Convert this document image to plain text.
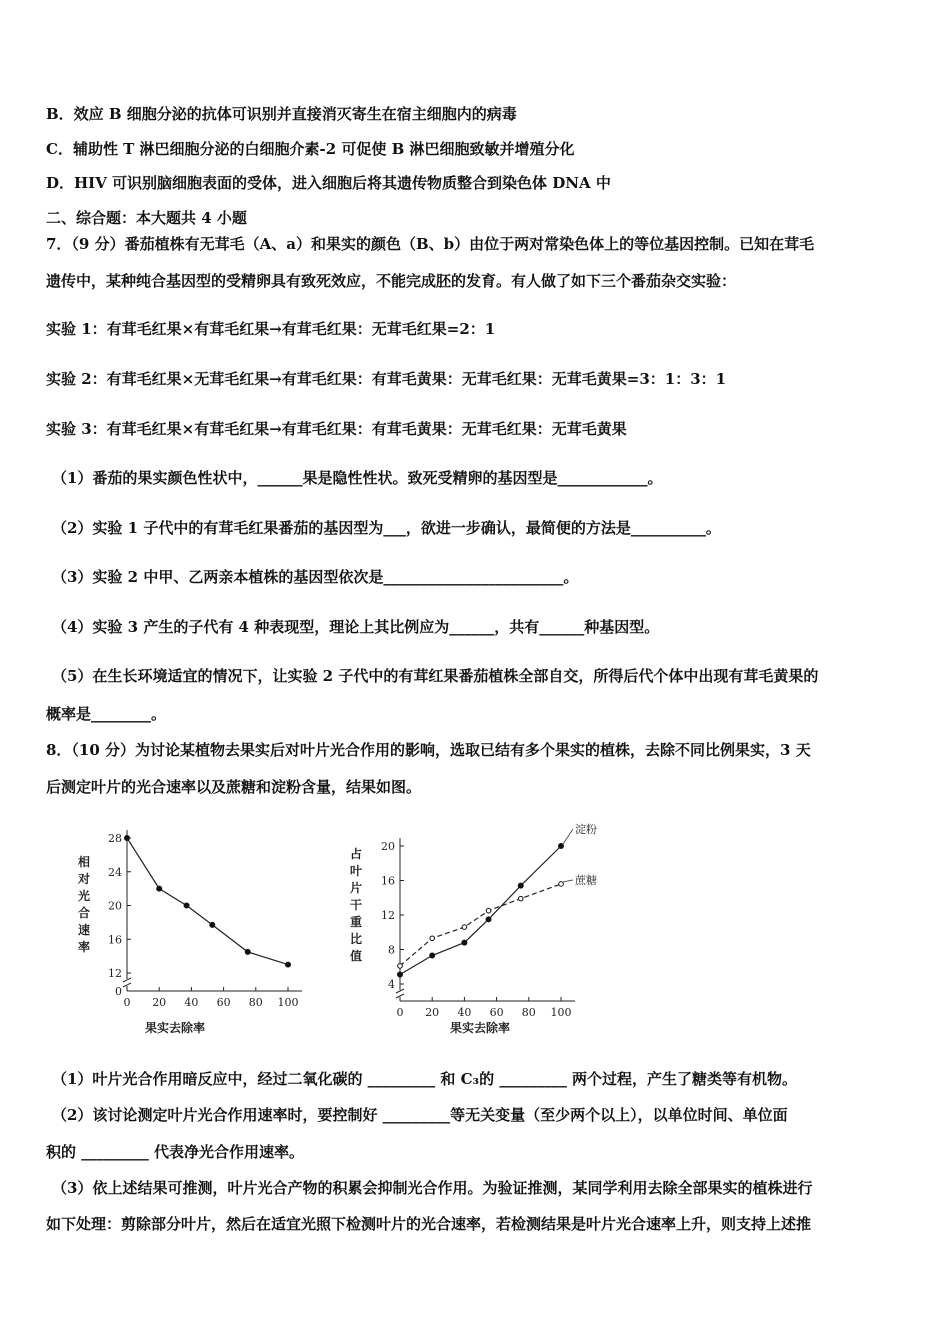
B．效应 B 细胞分泌的抗体可识别并直接消灭寄生在宿主细胞内的病毒
C．辅助性 T 淋巴细胞分泌的白细胞介素-2 可促使 B 淋巴细胞致敏并增殖分化
D．HIV 可识别脑细胞表面的受体，进入细胞后将其遗传物质整合到染色体 DNA 中
二、综合题：本大题共 4 小题
7．（9 分）番茄植株有无茸毛（A、a）和果实的颜色（B、b）由位于两对常染色体上的等位基因控制。已知在茸毛
遗传中，某种纯合基因型的受精卵具有致死效应，不能完成胚的发育。有人做了如下三个番茄杂交实验：
实验 1：有茸毛红果×有茸毛红果→有茸毛红果：无茸毛红果=2：1
实验 2：有茸毛红果×无茸毛红果→有茸毛红果：有茸毛黄果：无茸毛红果：无茸毛黄果=3：1：3：1
实验 3：有茸毛红果×有茸毛红果→有茸毛红果：有茸毛黄果：无茸毛红果：无茸毛黄果
（1）番茄的果实颜色性状中，______果是隐性性状。致死受精卵的基因型是____________。
（2）实验 1 子代中的有茸毛红果番茄的基因型为___，欲进一步确认，最简便的方法是__________。
（3）实验 2 中甲、乙两亲本植株的基因型依次是________________________。
（4）实验 3 产生的子代有 4 种表现型，理论上其比例应为______，共有______种基因型。
（5）在生长环境适宜的情况下，让实验 2 子代中的有茸红果番茄植株全部自交，所得后代个体中出现有茸毛黄果的
概率是________。
8．（10 分）为讨论某植物去果实后对叶片光合作用的影响，选取已结有多个果实的植株，去除不同比例果实，3 天
后测定叶片的光合速率以及蔗糖和淀粉含量，结果如图。
相
对
光
合
速
率
0
12
16
20
24
28
0 20 40 60 80 100
果实去除率
占
叶
片
干
重
比
值
4
8
12
16
20
0 20 40 60 80 100
淀粉
蔗糖
果实去除率
（1）叶片光合作用暗反应中，经过二氧化碳的 _________ 和 C₃的 _________ 两个过程，产生了糖类等有机物。
（2）该讨论测定叶片光合作用速率时，要控制好 _________等无关变量（至少两个以上），以单位时间、单位面
积的 _________ 代表净光合作用速率。
（3）依上述结果可推测，叶片光合产物的积累会抑制光合作用。为验证推测，某同学利用去除全部果实的植株进行
如下处理：剪除部分叶片，然后在适宜光照下检测叶片的光合速率，若检测结果是叶片光合速率上升，则支持上述推
